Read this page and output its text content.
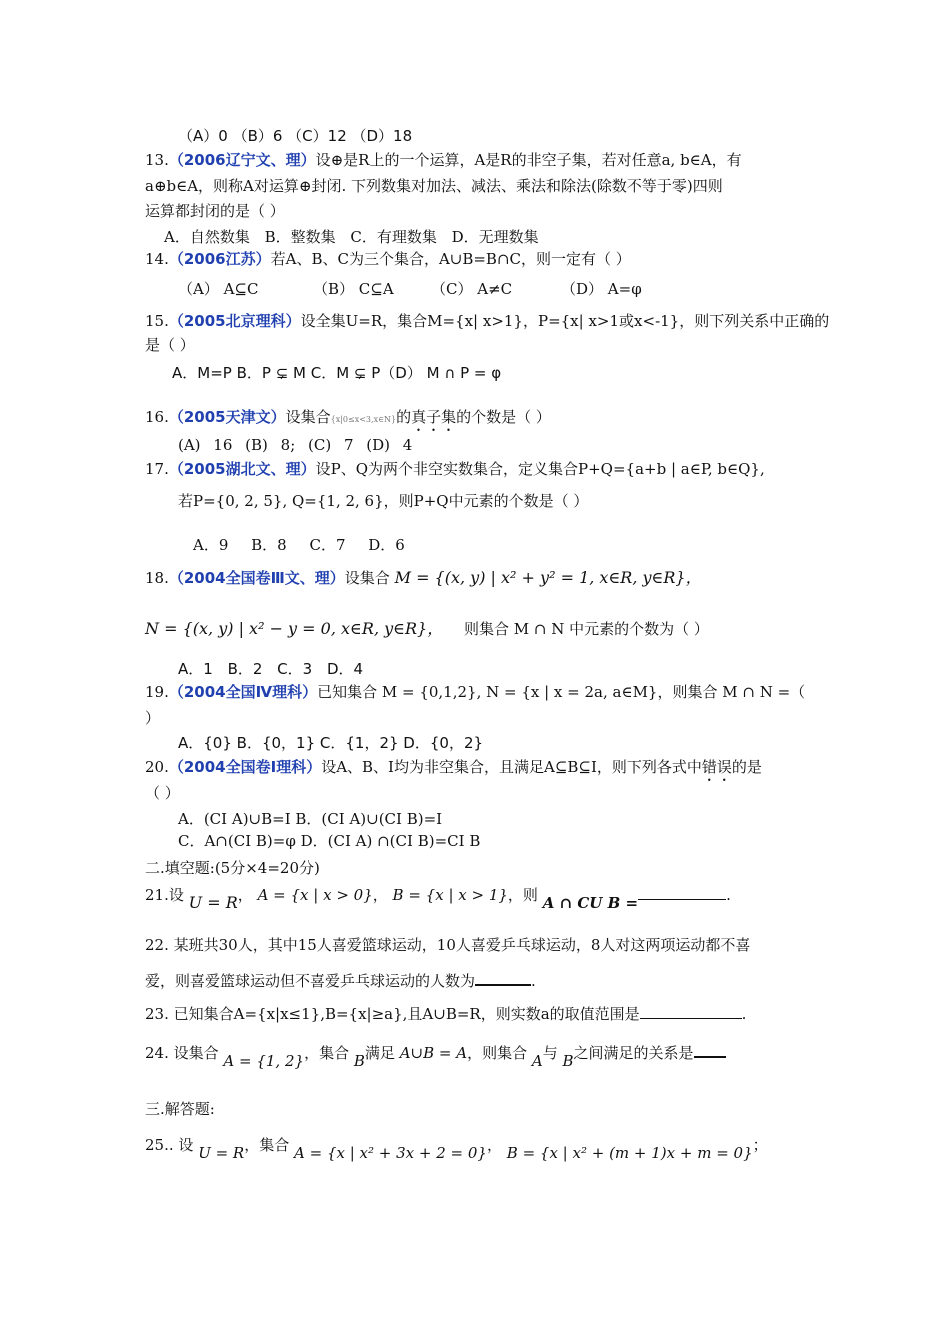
（A）0 （B）6 （C）12 （D）18
13.（2006辽宁文、理）设⊕是R上的一个运算，A是R的非空子集，若对任意a, b∈A，有
a⊕b∈A，则称A对运算⊕封闭. 下列数集对加法、减法、乘法和除法(除数不等于零)四则
运算都封闭的是（ ）
A．自然数集 B．整数集 C．有理数集 D．无理数集
14.（2006江苏）若A、B、C为三个集合，A∪B=B∩C，则一定有（ ）
（A） A⊆C	（B） C⊆A （C） A≠C	（D） A=φ
15.（2005北京理科）设全集U=R，集合M={x| x>1}，P={x| x>1或x<-1}，则下列关系中正确的
是（ ）
A．M=P B．P ⊊ M C．M ⊊ P（D） M ∩ P = φ
16.（2005天津文）设集合{x|0≤x<3,x∈N}的真子集的个数是（ ）
(A) 16 (B) 8; (C) 7 (D) 4
17.（2005湖北文、理）设P、Q为两个非空实数集合，定义集合P+Q={a+b | a∈P, b∈Q},
若P={0, 2, 5}, Q={1, 2, 6}，则P+Q中元素的个数是（ ）
A．9 B．8 C．7 D．6
18.（2004全国卷Ⅲ文、理）设集合 M = {(x, y) | x² + y² = 1, x∈R, y∈R}，
N = {(x, y) | x² − y = 0, x∈R, y∈R}， 则集合 M ∩ N 中元素的个数为（ ）
A．1 B．2 C．3 D．4
19.（2004全国Ⅳ理科）已知集合 M = {0,1,2}, N = {x | x = 2a, a∈M}，则集合 M ∩ N =（
）
A．{0} B．{0，1} C．{1，2} D．{0，2}
20.（2004全国卷Ⅰ理科）设A、B、I均为非空集合，且满足A⊆B⊆I，则下列各式中错误的是
（ ）
A．(CI A)∪B=I B．(CI A)∪(CI B)=I
C．A∩(CI B)=φ D．(CI A) ∩(CI B)=CI B
二.填空题:(5分×4=20分)
21.设 U = R， A = {x | x > 0}， B = {x | x > 1}，则 A ∩ CU B =	.
22. 某班共30人，其中15人喜爱篮球运动，10人喜爱乒乓球运动，8人对这两项运动都不喜
爱，则喜爱篮球运动但不喜爱乒乓球运动的人数为	.
23. 已知集合A={x|x≤1},B={x|≥a},且A∪B=R，则实数a的取值范围是	.
24. 设集合 A = {1, 2}，集合 B满足 A∪B = A，则集合 A与 B之间满足的关系是
三.解答题:
25.. 设 U = R，集合 A = {x | x² + 3x + 2 = 0}， B = {x | x² + (m + 1)x + m = 0}；
